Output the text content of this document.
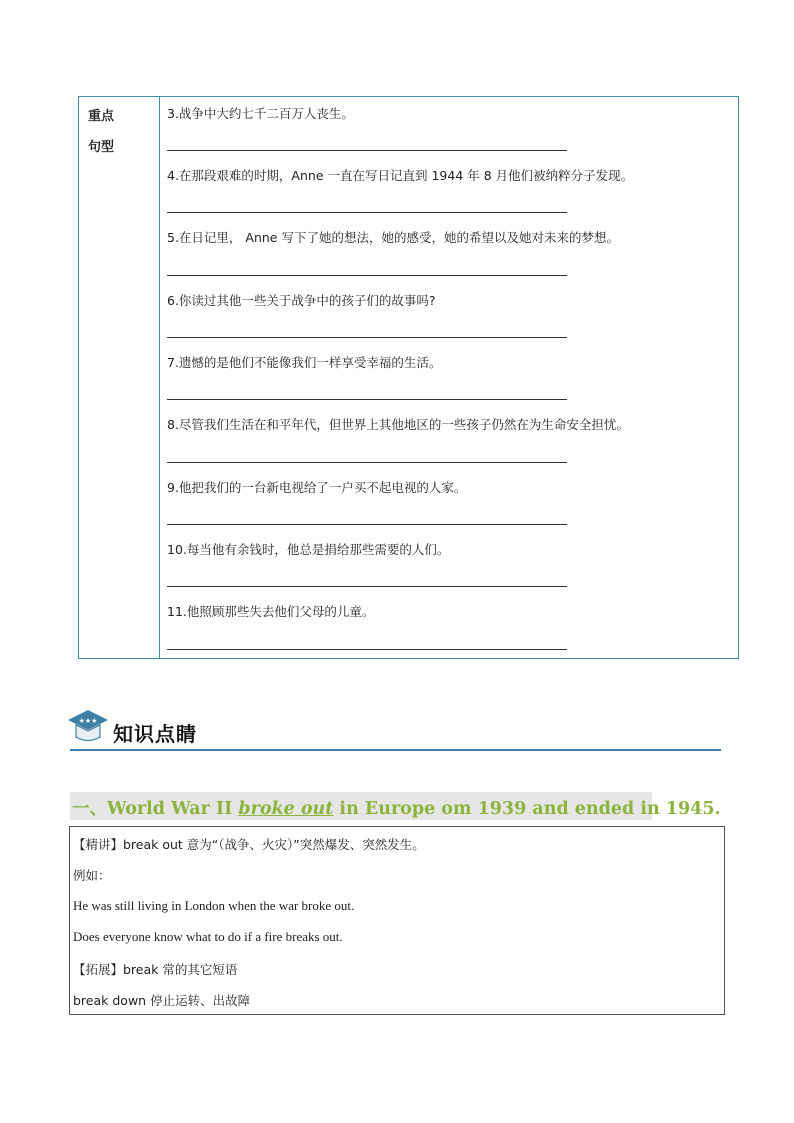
重点
句型
3.战争中大约七千二百万人丧生。
4.在那段艰难的时期，Anne 一直在写日记直到 1944 年 8 月他们被纳粹分子发现。
5.在日记里， Anne 写下了她的想法，她的感受，她的希望以及她对未来的梦想。
6.你读过其他一些关于战争中的孩子们的故事吗?
7.遗憾的是他们不能像我们一样享受幸福的生活。
8.尽管我们生活在和平年代，但世界上其他地区的一些孩子仍然在为生命安全担忧。
9.他把我们的一台新电视给了一户买不起电视的人家。
10.每当他有余钱时，他总是捐给那些需要的人们。
11.他照顾那些失去他们父母的儿童。
★★★
知识点睛
一、World War II broke out in Europe om 1939 and ended in 1945.
【精讲】break out 意为“（战争、火灾）”突然爆发、突然发生。
例如：
He was still living in London when the war broke out.
Does everyone know what to do if a fire breaks out.
【拓展】break 常的其它短语
break down 停止运转、出故障
